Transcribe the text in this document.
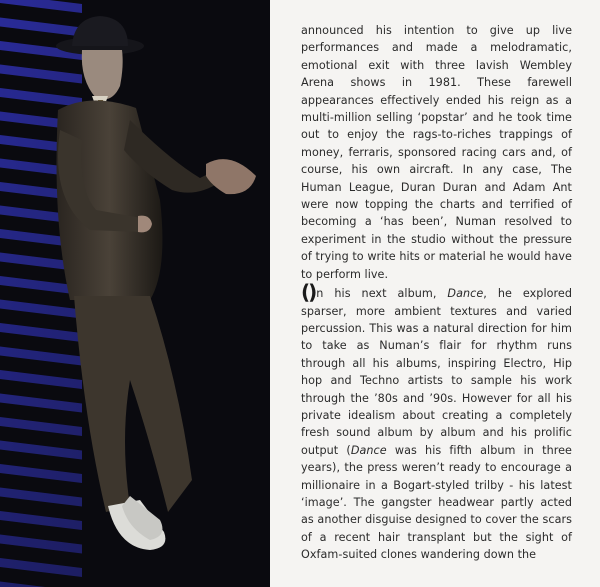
announced his intention to give up live performances and made a melodramatic, emotional exit with three lavish Wembley Arena shows in 1981. These farewell appearances effectively ended his reign as a multi-million selling ‘popstar’ and he took time out to enjoy the rags-to-riches trappings of money, ferraris, sponsored racing cars and, of course, his own aircraft. In any case, The Human League, Duran Duran and Adam Ant were now topping the charts and terrified of becoming a ‘has been’, Numan resolved to experiment in the studio without the pressure of trying to write hits or material he would have to perform live.

()n his next album, Dance, he explored sparser, more ambient textures and varied percussion. This was a natural direction for him to take as Numan’s flair for rhythm runs through all his albums, inspiring Electro, Hip hop and Techno artists to sample his work through the ’80s and ’90s. However for all his private idealism about creating a completely fresh sound album by album and his prolific output (Dance was his fifth album in three years), the press weren’t ready to encourage a millionaire in a Bogart-styled trilby - his latest ‘image’. The gangster headwear partly acted as another disguise designed to cover the scars of a recent hair transplant but the sight of Oxfam-suited clones wandering down the
